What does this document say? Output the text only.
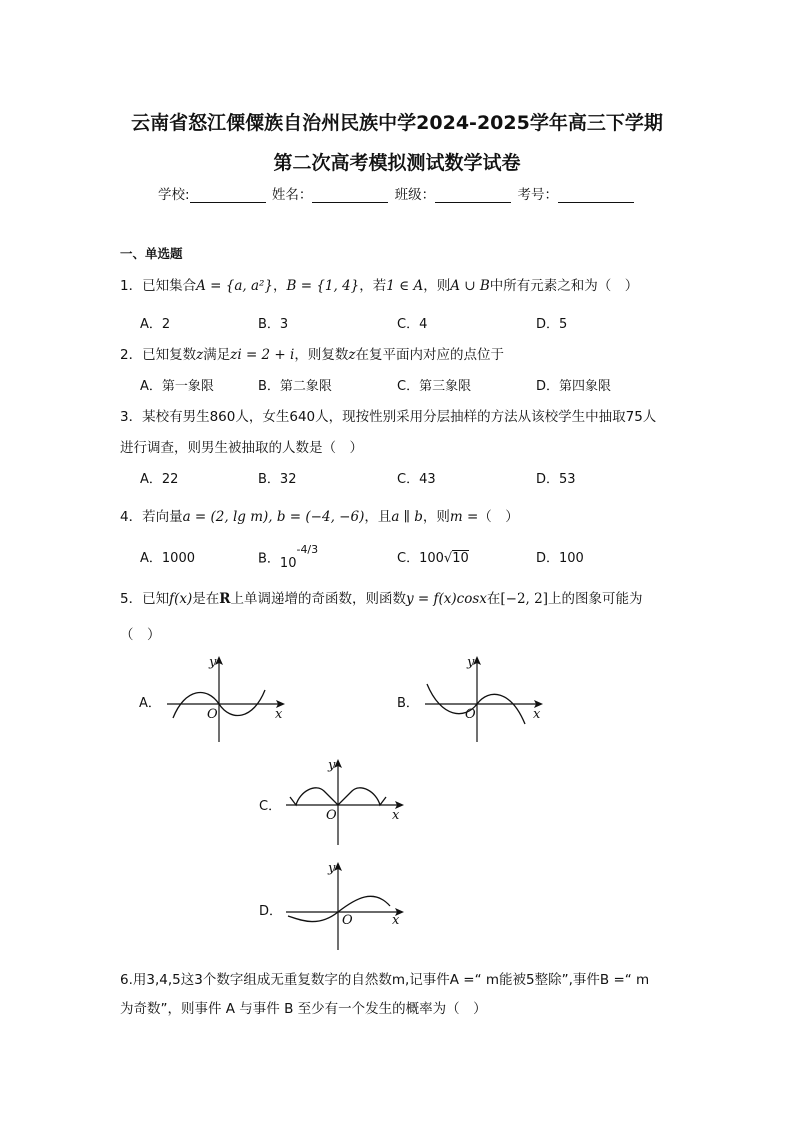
云南省怒江傈僳族自治州民族中学2024-2025学年高三下学期
第二次高考模拟测试数学试卷
学校:	姓名：	班级：	考号：
一、单选题
1．已知集合A = {a, a²}，B = {1, 4}，若1 ∈ A，则A ∪ B中所有元素之和为（　）
A．2	B．3	C．4	D．5
2．已知复数z满足zi = 2 + i，则复数z在复平面内对应的点位于
A．第一象限	B．第二象限	C．第三象限	D．第四象限
3．某校有男生860人，女生640人，现按性别采用分层抽样的方法从该校学生中抽取75人
进行调查，则男生被抽取的人数是（　）
A．22	B．32	C．43	D．53
4．若向量a = (2, lg m), b = (−4, −6)，且a ∥ b，则m =（　）
A．1000	B．$10^{-4/3}$
C．100√10	D．100
5．已知f(x)是在R上单调递增的奇函数，则函数y = f(x)cosx在[−2, 2]上的图象可能为
（　）
A．
y
x
O
B．
y
x
O
C．
y
x
O
D．
y
x
O
6.用3,4,5这3个数字组成无重复数字的自然数m,记事件A =“ m能被5整除”,事件B =“ m
为奇数”，则事件 A 与事件 B 至少有一个发生的概率为（　）
